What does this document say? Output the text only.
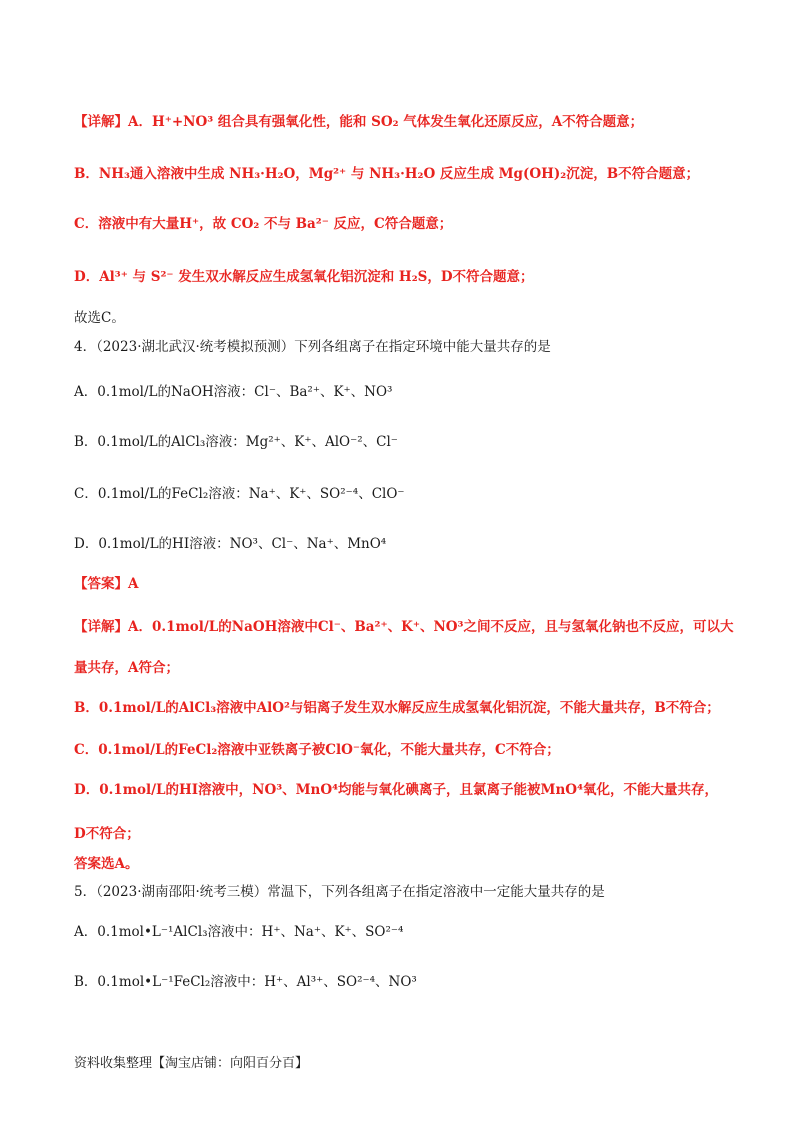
【详解】A．H⁺+NO³ 组合具有强氧化性，能和 SO₂ 气体发生氧化还原反应，A不符合题意；
B．NH₃通入溶液中生成 NH₃·H₂O，Mg²⁺ 与 NH₃·H₂O 反应生成 Mg(OH)₂沉淀，B不符合题意；
C．溶液中有大量H⁺，故 CO₂ 不与 Ba²⁻ 反应，C符合题意；
D．Al³⁺ 与 S²⁻ 发生双水解反应生成氢氧化铝沉淀和 H₂S，D不符合题意；
故选C。
4．（2023·湖北武汉·统考模拟预测）下列各组离子在指定环境中能大量共存的是
A．0.1mol/L的NaOH溶液：Cl⁻、Ba²⁺、K⁺、NO³
B．0.1mol/L的AlCl₃溶液：Mg²⁺、K⁺、AlO⁻²、Cl⁻
C．0.1mol/L的FeCl₂溶液：Na⁺、K⁺、SO²⁻⁴、ClO⁻
D．0.1mol/L的HI溶液：NO³、Cl⁻、Na⁺、MnO⁴
【答案】A
【详解】A．0.1mol/L的NaOH溶液中Cl⁻、Ba²⁺、K⁺、NO³之间不反应，且与氢氧化钠也不反应，可以大
量共存，A符合；
B．0.1mol/L的AlCl₃溶液中AlO²与铝离子发生双水解反应生成氢氧化铝沉淀，不能大量共存，B不符合；
C．0.1mol/L的FeCl₂溶液中亚铁离子被ClO⁻氧化，不能大量共存，C不符合；
D．0.1mol/L的HI溶液中，NO³、MnO⁴均能与氧化碘离子，且氯离子能被MnO⁴氧化，不能大量共存，
D不符合；
答案选A。
5．（2023·湖南邵阳·统考三模）常温下，下列各组离子在指定溶液中一定能大量共存的是
A．0.1mol•L⁻¹AlCl₃溶液中：H⁺、Na⁺、K⁺、SO²⁻⁴
B．0.1mol•L⁻¹FeCl₂溶液中：H⁺、Al³⁺、SO²⁻⁴、NO³
资料收集整理【淘宝店铺：向阳百分百】
